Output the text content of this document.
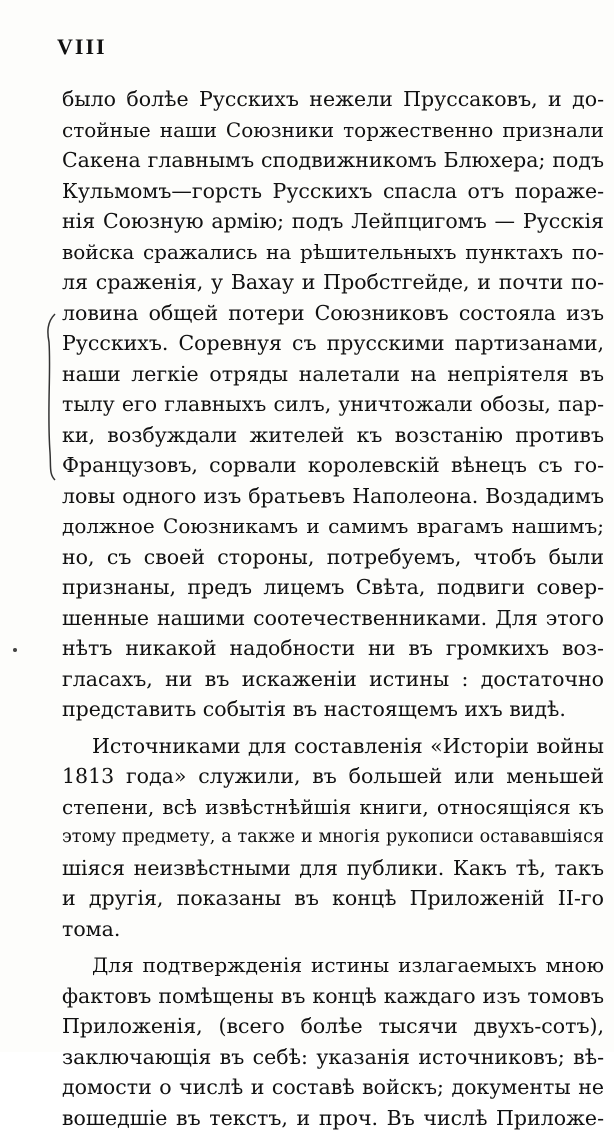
VIII
было болѣе Русскихъ нежели Пруссаковъ, и до-
стойные наши Союзники торжественно признали
Сакена главнымъ сподвижникомъ Блюхера; подъ
Кульмомъ—горсть Русскихъ спасла отъ пораже-
нія Союзную армію; подъ Лейпцигомъ — Русскія
войска сражались на рѣшительныхъ пунктахъ по-
ля сраженія, у Вахау и Пробстгейде, и почти по-
ловина общей потери Союзниковъ состояла изъ
Русскихъ. Соревнуя съ прусскими партизанами,
наши легкіе отряды налетали на непріятеля въ
тылу его главныхъ силъ, уничтожали обозы, пар-
ки, возбуждали жителей къ возстанію противъ
Французовъ, сорвали королевскій вѣнецъ съ го-
ловы одного изъ братьевъ Наполеона. Воздадимъ
должное Союзникамъ и самимъ врагамъ нашимъ;
но, съ своей стороны, потребуемъ, чтобъ были
признаны, предъ лицемъ Свѣта, подвиги совер-
шенные нашими соотечественниками. Для этого
нѣтъ никакой надобности ни въ громкихъ воз-
гласахъ, ни въ искаженіи истины : достаточно
представить событія въ настоящемъ ихъ видѣ.
Источниками для составленія «Исторіи войны
1813 года» служили, въ большей или меньшей
степени, всѣ извѣстнѣйшія книги, относящіяся къ
этому предмету, а также и многія рукописи остававшіяся
шіяся неизвѣстными для публики. Какъ тѣ, такъ
и другія, показаны въ концѣ Приложеній II-го
тома.
Для подтвержденія истины излагаемыхъ мною
фактовъ помѣщены въ концѣ каждаго изъ томовъ
Приложенія, (всего болѣе тысячи двухъ-сотъ),
заключающія въ себѣ: указанія источниковъ; вѣ-
домости о числѣ и составѣ войскъ; документы не
вошедшіе въ текстъ, и проч. Въ числѣ Приложе-
